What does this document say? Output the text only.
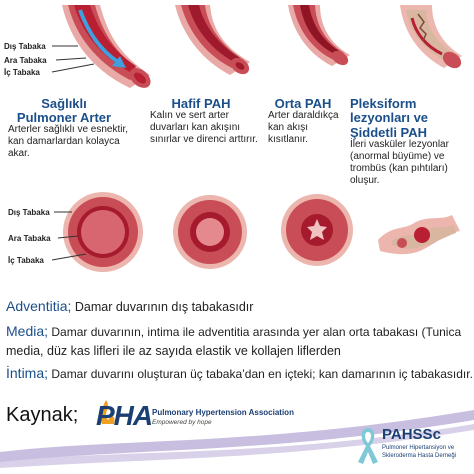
Dış Tabaka
Ara Tabaka
İç Tabaka
Sağlıklı
Pulmoner Arter
Arterler sağlıklı ve esnektir, kan damarlardan kolayca akar.
Hafif PAH
Kalın ve sert arter duvarları kan akışını sınırlar ve direnci arttırır.
Orta PAH
Arter daraldıkça kan akışı kısıtlanır.
Pleksiform lezyonları ve Şiddetli PAH
İleri vasküler lezyonlar (anormal büyüme) ve trombüs (kan pıhtıları) oluşur.
Dış Tabaka
Ara Tabaka
İç Tabaka
Adventitia; Damar duvarının dış tabakasıdır
Media; Damar duvarının, intima ile adventitia arasında yer alan orta tabakası (Tunica
media, düz kas lifleri ile az sayıda elastik ve kollajen liflerden
İntima; Damar duvarını oluşturan üç tabaka’dan en içteki; kan damarının iç tabakasıdır.
Kaynak; PHA Pulmonary Hypertension Association
Empowered by hope
PAHSSc
Pulmoner Hipertansiyon ve
Skleroderma Hasta Derneği
